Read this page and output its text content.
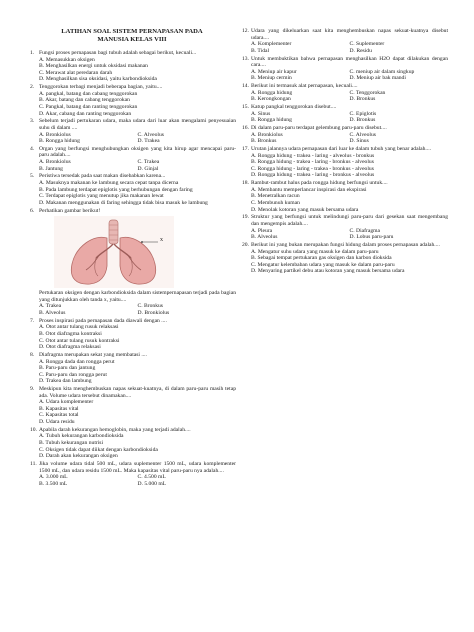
LATIHAN SOAL SISTEM PERNAPASAN PADA
MANUSIA KELAS VIII
1. Fungsi proses pernapasan bagi tubuh adalah sebagai berikut, kecuali...
A. Memasukkan oksigen
B. Menghasilkan energi untuk oksidasi makanan
C. Merawat alat peredaran darah
D. Menghasilkan sisa oksidasi, yaitu karbondioksida
2. Tenggorokan terbagi menjadi beberapa bagian, yaitu....
A. pangkal, batang dan cabang tenggorokan
B. Akar, batang dan cabang tenggorokan
C. Pangkal, batang dan ranting tenggorokan
D. Akar, cabang dan ranting tenggorokan
3. Sebelum terjadi pertukaran udara, maka udara dari luar akan mengalami penyesuaian suhu di dalam ....
A. Bronkiolus	C. Alveolus
B. Rongga hidung	D. Trakea
4. Organ yang berfungsi menghubungkan oksigen yang kita hirup agar mencapai paru-paru adalah....
A. Bronkiolus	C. Trakea
B. Jantung	D. Ginjal
5. Peristiwa tersedak pada saat makan disebabkan karena...
A. Masuknya makanan ke lambung secara cepat tanpa dicerna
B. Pada lambung terdapat epiglotis yang berhubungan dengan faring
C. Terdapat epiglotis yang menutup jika makanan lewat
D. Makanan menggunakan di faring sehingga tidak bisa masuk ke lambung
6. Perhatikan gambar berikut!
x
Pertukaran oksigen dengan karbondioksida dalam sistempernapasan terjadi pada bagian yang ditunjukkan oleh tanda x, yaitu....
A. Trakea	C. Bronkus
B. Alveolus	D. Bronkiolus
7. Proses inspirasi pada pernapasan dada diawali dengan ....
A. Otot antar tulang rusuk relaksasi
B. Otot diafragma kontraksi
C. Otot antar tulang rusuk kontraksi
D. Otot diafragma relaksasi
8. Diafragma merupakan sekat yang membatasi ....
A. Rongga dada dan rongga perut
B. Paru-paru dan jantung
C. Paru-paru dan rongga perut
D. Trakea dan lambung
9. Meskipun kita menghembuskan napas sekuat-kuatnya, di dalam paru-paru masih tetap ada. Volume udara tersebut dinamakan....
A. Udara komplementer
B. Kapasitas vital
C. Kapasitas total
D. Udara residu
10. Apabila darah kekurangan hemoglobin, maka yang terjadi adalah....
A. Tubuh kekurangan karbondioksida
B. Tubuh kekurangan nutrisi
C. Oksigen tidak dapat diikat dengan karbondioksida
D. Darah akan kekurangan oksigen
11. Jika volume udara tidal 500 mL, udara suplementer 1500 mL, udara komplementer 1500 mL, dan udara residu 1500 mL. Maka kapasitas vital paru-paru nya adalah....
A. 3.000 mL	C. 4.500 mL
B. 3.500 mL	D. 5.000 mL
12. Udara yang dikeluarkan saat kita menghembuskan napas sekuat-kuatnya disebut udara....
A. Komplementer	C. Suplementer
B. Tidal	D. Residu
13. Untuk membuktikan bahwa pernapasan menghasilkan H2O dapat dilakukan dengan cara....
A. Meniup air kapur	C. meniup air dalam singkup
B. Meniup cermin	D. Meniup air bak mandi
14. Berikut ini termasuk alat pernapasan, kecuali....
A. Rongga hidung	C. Tenggorokan
B. Kerongkongan	D. Bronkus
15. Katup pangkal tenggorokan disebut....
A. Sinus	C. Epiglotis
B. Rongga hidung	D. Bronkus
16. Di dalam paru-paru terdapat gelembung paru-paru disebut....
A. Bronkiolus	C. Alveolus
B. Bronkus	D. Sinus
17. Urutan jalannya udara pernapasan dari luar ke dalam tubuh yang benar adalah....
A. Rongga hidung - trakea - laring - alveolus - bronkus
B. Rongga hidung - trakea - laring - bronkus - alveolus
C. Rongga hidung - laring - trakea - bronkus - alveolus
D. Rongga hidung - trakea - laring - bronkus - alveolus
18. Rambut-rambut halus pada rongga hidung berfungsi untuk....
A. Membantu memperlancar inspirasi dan ekspirasi
B. Menetralkan racun
C. Membunuh kuman
D. Menolak kotoran yang masuk bersama udara
19. Struktur yang berfungsi untuk melindungi paru-paru dari gesekan saat mengembang dan mengempis adalah....
A. Pleura	C. Diafragma
B. Alveolus	D. Lobus paru-paru
20. Berikut ini yang bukan merupakan fungsi hidung dalam proses pernapasan adalah....
A. Mengatur suhu udara yang masuk ke dalam paru-paru
B. Sebagai tempat pertukaran gas oksigen dan karbon dioksida
C. Mengatur kelembaban udara yang masuk ke dalam paru-paru
D. Menyaring partikel debu atau kotoran yang masuk bersama udara
